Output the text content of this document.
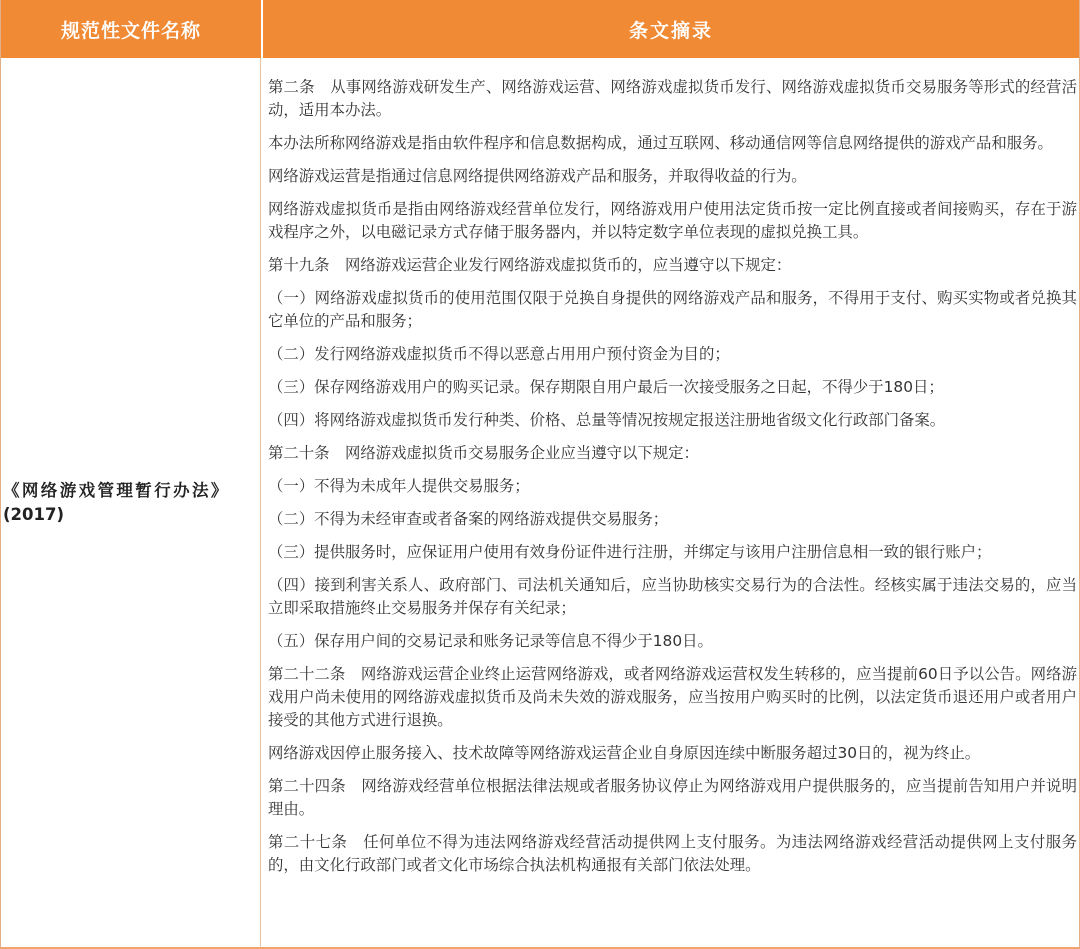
规范性文件名称	条文摘录
《网络游戏管理暂行办法》
(2017)

第二条　从事网络游戏研发生产、网络游戏运营、网络游戏虚拟货币发行、网络游戏虚拟货币交易服务等形式的经营活动，适用本办法。

本办法所称网络游戏是指由软件程序和信息数据构成，通过互联网、移动通信网等信息网络提供的游戏产品和服务。

网络游戏运营是指通过信息网络提供网络游戏产品和服务，并取得收益的行为。

网络游戏虚拟货币是指由网络游戏经营单位发行，网络游戏用户使用法定货币按一定比例直接或者间接购买，存在于游戏程序之外，以电磁记录方式存储于服务器内，并以特定数字单位表现的虚拟兑换工具。

第十九条　网络游戏运营企业发行网络游戏虚拟货币的，应当遵守以下规定：

（一）网络游戏虚拟货币的使用范围仅限于兑换自身提供的网络游戏产品和服务，不得用于支付、购买实物或者兑换其它单位的产品和服务；

（二）发行网络游戏虚拟货币不得以恶意占用用户预付资金为目的；

（三）保存网络游戏用户的购买记录。保存期限自用户最后一次接受服务之日起，不得少于180日；

（四）将网络游戏虚拟货币发行种类、价格、总量等情况按规定报送注册地省级文化行政部门备案。

第二十条　网络游戏虚拟货币交易服务企业应当遵守以下规定：

（一）不得为未成年人提供交易服务；

（二）不得为未经审查或者备案的网络游戏提供交易服务；

（三）提供服务时，应保证用户使用有效身份证件进行注册，并绑定与该用户注册信息相一致的银行账户；

（四）接到利害关系人、政府部门、司法机关通知后，应当协助核实交易行为的合法性。经核实属于违法交易的，应当立即采取措施终止交易服务并保存有关纪录；

（五）保存用户间的交易记录和账务记录等信息不得少于180日。

第二十二条　网络游戏运营企业终止运营网络游戏，或者网络游戏运营权发生转移的，应当提前60日予以公告。网络游戏用户尚未使用的网络游戏虚拟货币及尚未失效的游戏服务，应当按用户购买时的比例，以法定货币退还用户或者用户接受的其他方式进行退换。

网络游戏因停止服务接入、技术故障等网络游戏运营企业自身原因连续中断服务超过30日的，视为终止。

第二十四条　网络游戏经营单位根据法律法规或者服务协议停止为网络游戏用户提供服务的，应当提前告知用户并说明理由。

第二十七条　任何单位不得为违法网络游戏经营活动提供网上支付服务。为违法网络游戏经营活动提供网上支付服务的，由文化行政部门或者文化市场综合执法机构通报有关部门依法处理。
